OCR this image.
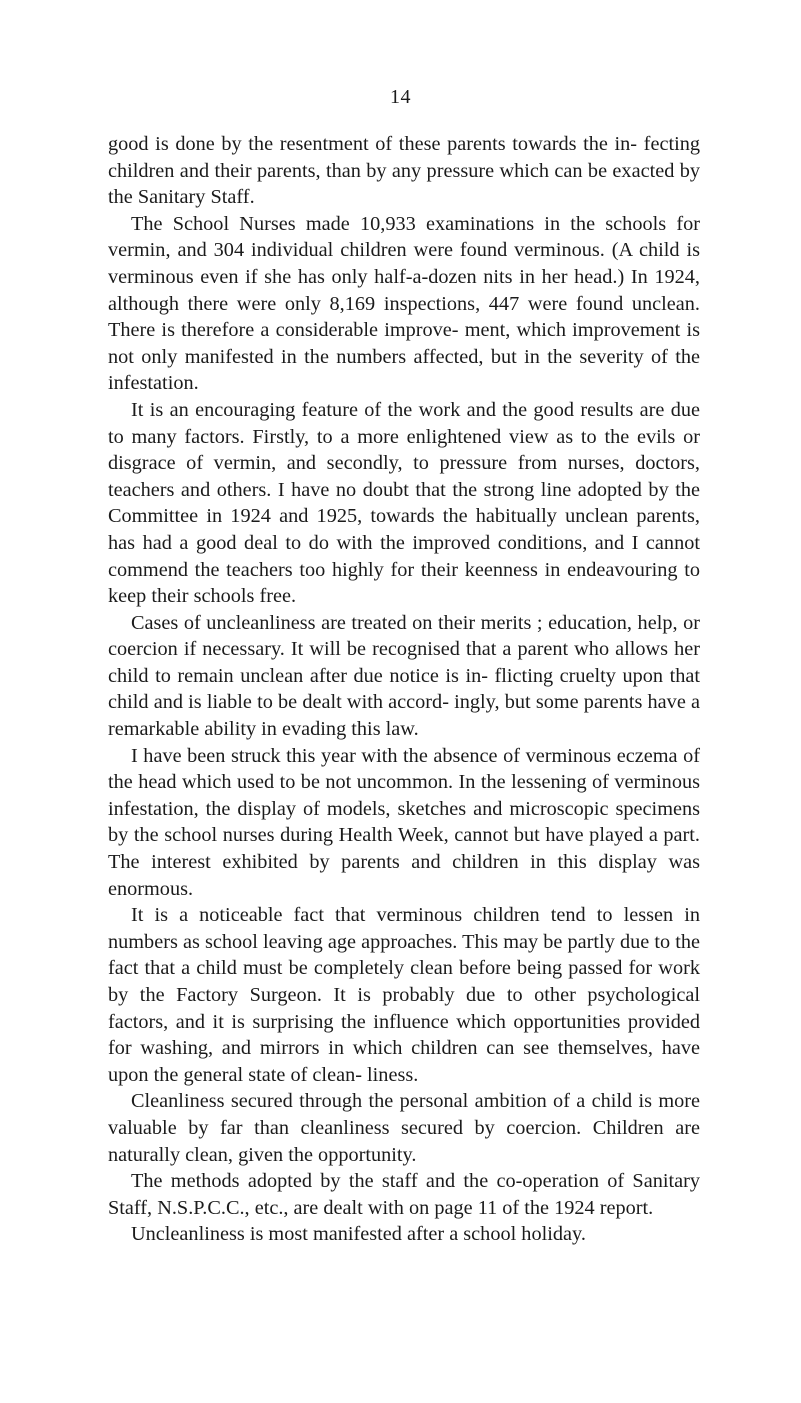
14

good is done by the resentment of these parents towards the in- fecting children and their parents, than by any pressure which can be exacted by the Sanitary Staff.

The School Nurses made 10,933 examinations in the schools for vermin, and 304 individual children were found verminous. (A child is verminous even if she has only half-a-dozen nits in her head.) In 1924, although there were only 8,169 inspections, 447 were found unclean. There is therefore a considerable improve- ment, which improvement is not only manifested in the numbers affected, but in the severity of the infestation.

It is an encouraging feature of the work and the good results are due to many factors. Firstly, to a more enlightened view as to the evils or disgrace of vermin, and secondly, to pressure from nurses, doctors, teachers and others. I have no doubt that the strong line adopted by the Committee in 1924 and 1925, towards the habitually unclean parents, has had a good deal to do with the improved conditions, and I cannot commend the teachers too highly for their keenness in endeavouring to keep their schools free.

Cases of uncleanliness are treated on their merits ; education, help, or coercion if necessary. It will be recognised that a parent who allows her child to remain unclean after due notice is in- flicting cruelty upon that child and is liable to be dealt with accord- ingly, but some parents have a remarkable ability in evading this law.

I have been struck this year with the absence of verminous eczema of the head which used to be not uncommon. In the lessening of verminous infestation, the display of models, sketches and microscopic specimens by the school nurses during Health Week, cannot but have played a part. The interest exhibited by parents and children in this display was enormous.

It is a noticeable fact that verminous children tend to lessen in numbers as school leaving age approaches. This may be partly due to the fact that a child must be completely clean before being passed for work by the Factory Surgeon. It is probably due to other psychological factors, and it is surprising the influence which opportunities provided for washing, and mirrors in which children can see themselves, have upon the general state of clean- liness.

Cleanliness secured through the personal ambition of a child is more valuable by far than cleanliness secured by coercion. Children are naturally clean, given the opportunity.

The methods adopted by the staff and the co-operation of Sanitary Staff, N.S.P.C.C., etc., are dealt with on page 11 of the 1924 report.

Uncleanliness is most manifested after a school holiday.
